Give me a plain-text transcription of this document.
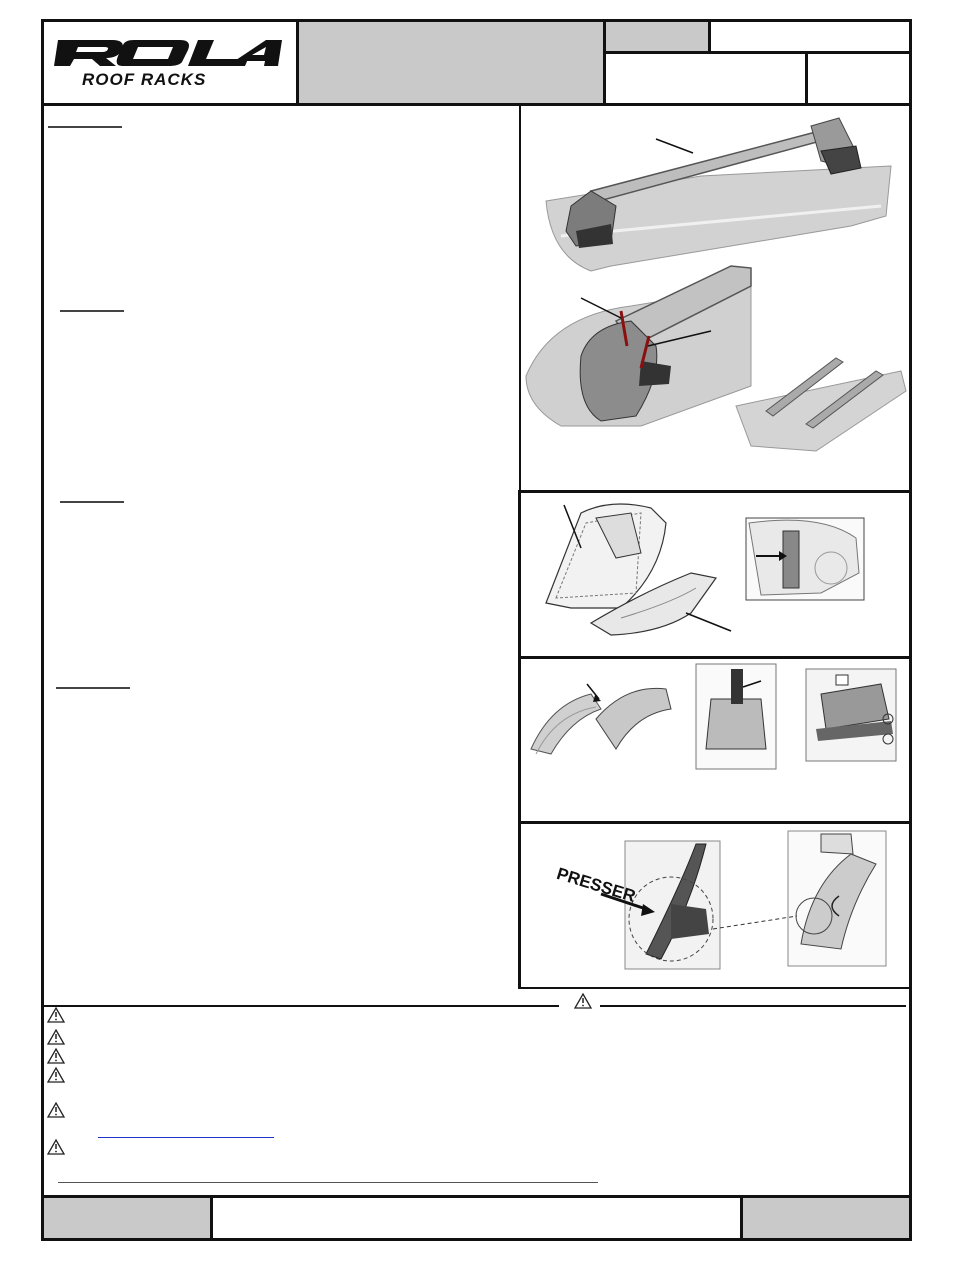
ROOF RACKS
PRESSER
